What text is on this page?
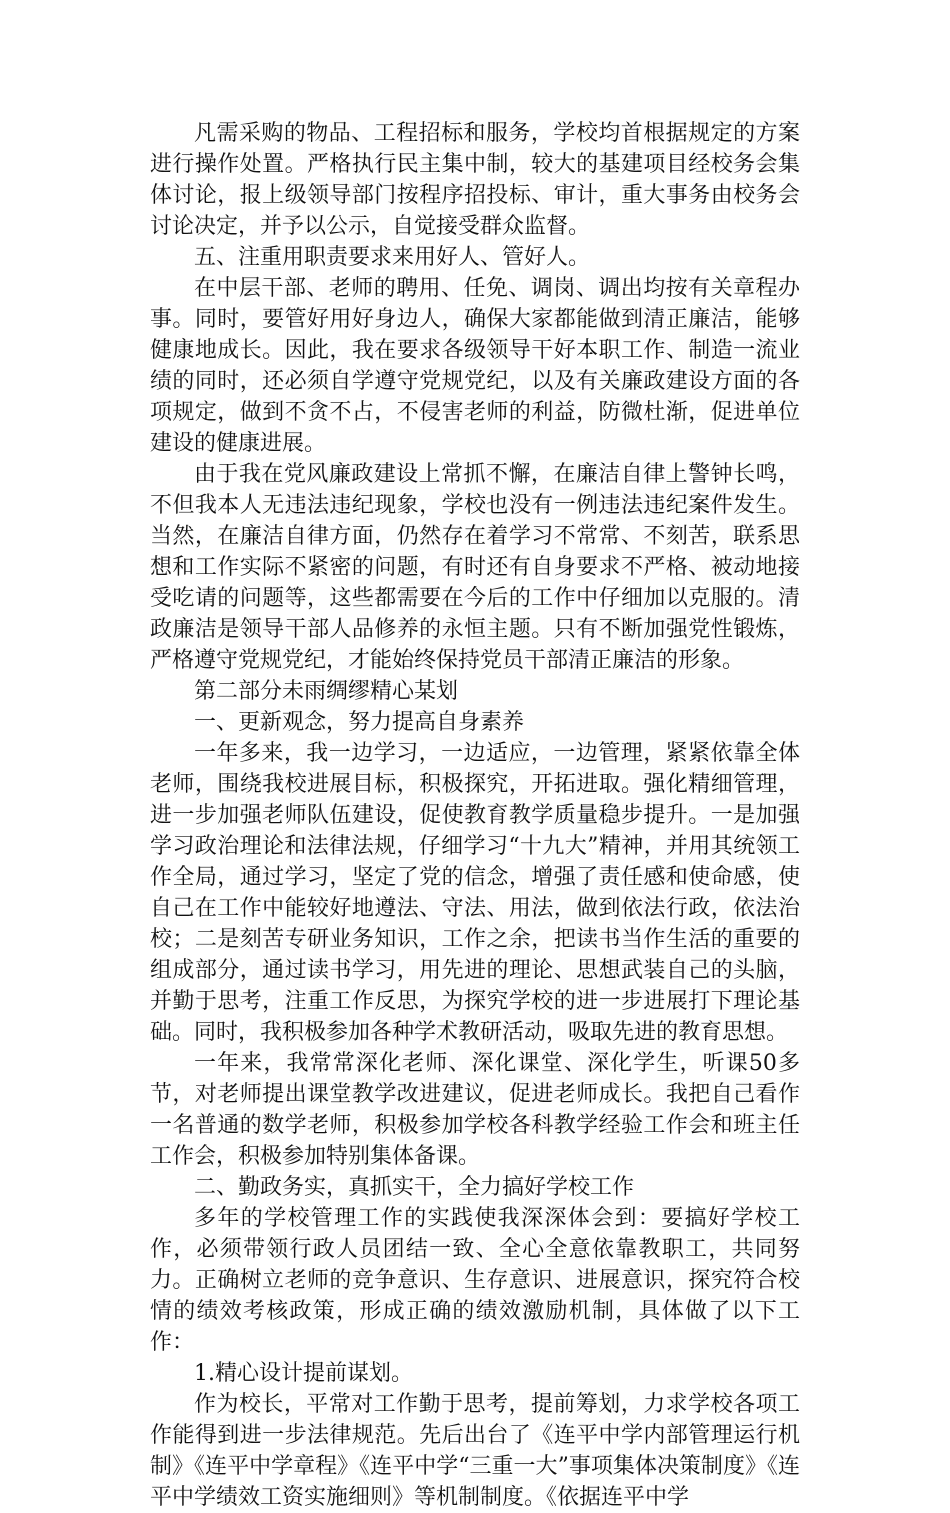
凡需采购的物品、工程招标和服务，学校均首根据规定的方案进行操作处置。严格执行民主集中制，较大的基建项目经校务会集体讨论，报上级领导部门按程序招投标、审计，重大事务由校务会讨论决定，并予以公示，自觉接受群众监督。

五、注重用职责要求来用好人、管好人。

在中层干部、老师的聘用、任免、调岗、调出均按有关章程办事。同时，要管好用好身边人，确保大家都能做到清正廉洁，能够健康地成长。因此，我在要求各级领导干好本职工作、制造一流业绩的同时，还必须自学遵守党规党纪，以及有关廉政建设方面的各项规定，做到不贪不占，不侵害老师的利益，防微杜渐，促进单位建设的健康进展。

由于我在党风廉政建设上常抓不懈，在廉洁自律上警钟长鸣，不但我本人无违法违纪现象，学校也没有一例违法违纪案件发生。当然，在廉洁自律方面，仍然存在着学习不常常、不刻苦，联系思想和工作实际不紧密的问题，有时还有自身要求不严格、被动地接受吃请的问题等，这些都需要在今后的工作中仔细加以克服的。清政廉洁是领导干部人品修养的永恒主题。只有不断加强党性锻炼，严格遵守党规党纪，才能始终保持党员干部清正廉洁的形象。

第二部分未雨绸缪精心某划

一、更新观念，努力提高自身素养

一年多来，我一边学习，一边适应，一边管理，紧紧依靠全体老师，围绕我校进展目标，积极探究，开拓进取。强化精细管理，进一步加强老师队伍建设，促使教育教学质量稳步提升。一是加强学习政治理论和法律法规，仔细学习“十九大”精神，并用其统领工作全局，通过学习，坚定了党的信念，增强了责任感和使命感，使自己在工作中能较好地遵法、守法、用法，做到依法行政，依法治校；二是刻苦专研业务知识，工作之余，把读书当作生活的重要的组成部分，通过读书学习，用先进的理论、思想武装自己的头脑，并勤于思考，注重工作反思，为探究学校的进一步进展打下理论基础。同时，我积极参加各种学术教研活动，吸取先进的教育思想。

一年来，我常常深化老师、深化课堂、深化学生，听课50多节，对老师提出课堂教学改进建议，促进老师成长。我把自己看作一名普通的数学老师，积极参加学校各科教学经验工作会和班主任工作会，积极参加特别集体备课。

二、勤政务实，真抓实干，全力搞好学校工作

多年的学校管理工作的实践使我深深体会到：要搞好学校工作，必须带领行政人员团结一致、全心全意依靠教职工，共同努力。正确树立老师的竞争意识、生存意识、进展意识，探究符合校情的绩效考核政策，形成正确的绩效激励机制，具体做了以下工作：

1.精心设计提前谋划。

作为校长，平常对工作勤于思考，提前筹划，力求学校各项工作能得到进一步法律规范。先后出台了《连平中学内部管理运行机制》《连平中学章程》《连平中学“三重一大”事项集体决策制度》《连平中学绩效工资实施细则》等机制制度。《依据连平中学
